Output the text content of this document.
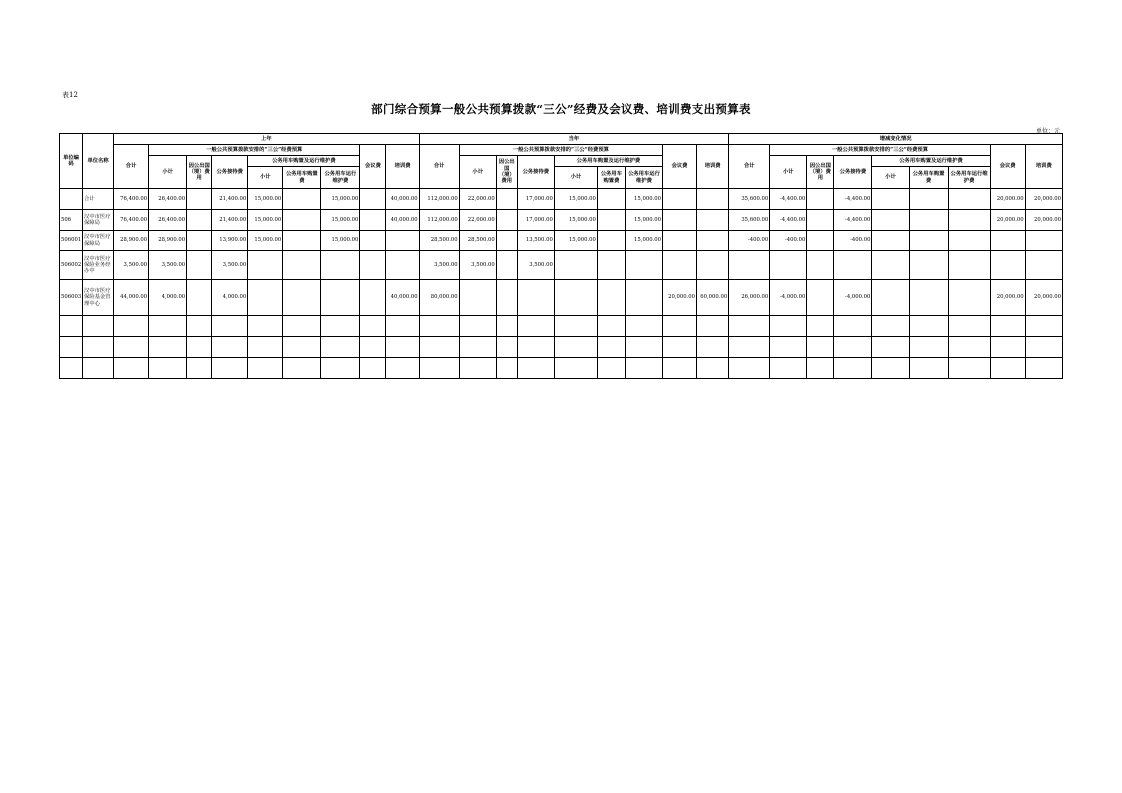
表12
部门综合预算一般公共预算拨款“三公”经费及会议费、培训费支出预算表
单位：元
单位编码	单位名称	上年									当年									增减变化情况								
		合计	一般公共预算拨款安排的“三公”经费预算						会议费	培训费	合计	一般公共预算拨款安排的“三公”经费预算						会议费	培训费	合计	一般公共预算拨款安排的“三公”经费预算						会议费	培训费
			小计	因公出国（境）费用	公务接待费	公务用车购置及运行维护费						小计	因公出国（境）费用	公务接待费	公务用车购置及运行维护费						小计	因公出国（境）费用	公务接待费	公务用车购置及运行维护费				
						小计	公务用车购置费	公务用车运行维护费							小计	公务用车购置费	公务用车运行维护费							小计	公务用车购置费	公务用车运行维护费		

	合计	76,400.00	26,400.00		21,400.00	15,000.00		15,000.00		40,000.00	112,000.00	22,000.00		17,000.00	15,000.00		15,000.00			35,600.00	-4,400.00		-4,400.00				20,000.00	20,000.00
506	汉中市医疗保障局	76,400.00	26,400.00		21,400.00	15,000.00		15,000.00		40,000.00	112,000.00	22,000.00		17,000.00	15,000.00		15,000.00			35,600.00	-4,400.00		-4,400.00				20,000.00	20,000.00
506001	汉中市医疗保障局	28,900.00	28,900.00		13,900.00	15,000.00		15,000.00			28,500.00	28,500.00		13,500.00	15,000.00		15,000.00			-400.00	-400.00		-400.00					
506002	汉中市医疗保险业务经办中	3,500.00	3,500.00		3,500.00						3,500.00	3,500.00		3,500.00														
506003	汉中市医疗保险基金管理中心	44,000.00	4,000.00		4,000.00					40,000.00	80,000.00							20,000.00	60,000.00	26,000.00	-4,000.00		-4,000.00				20,000.00	20,000.00
